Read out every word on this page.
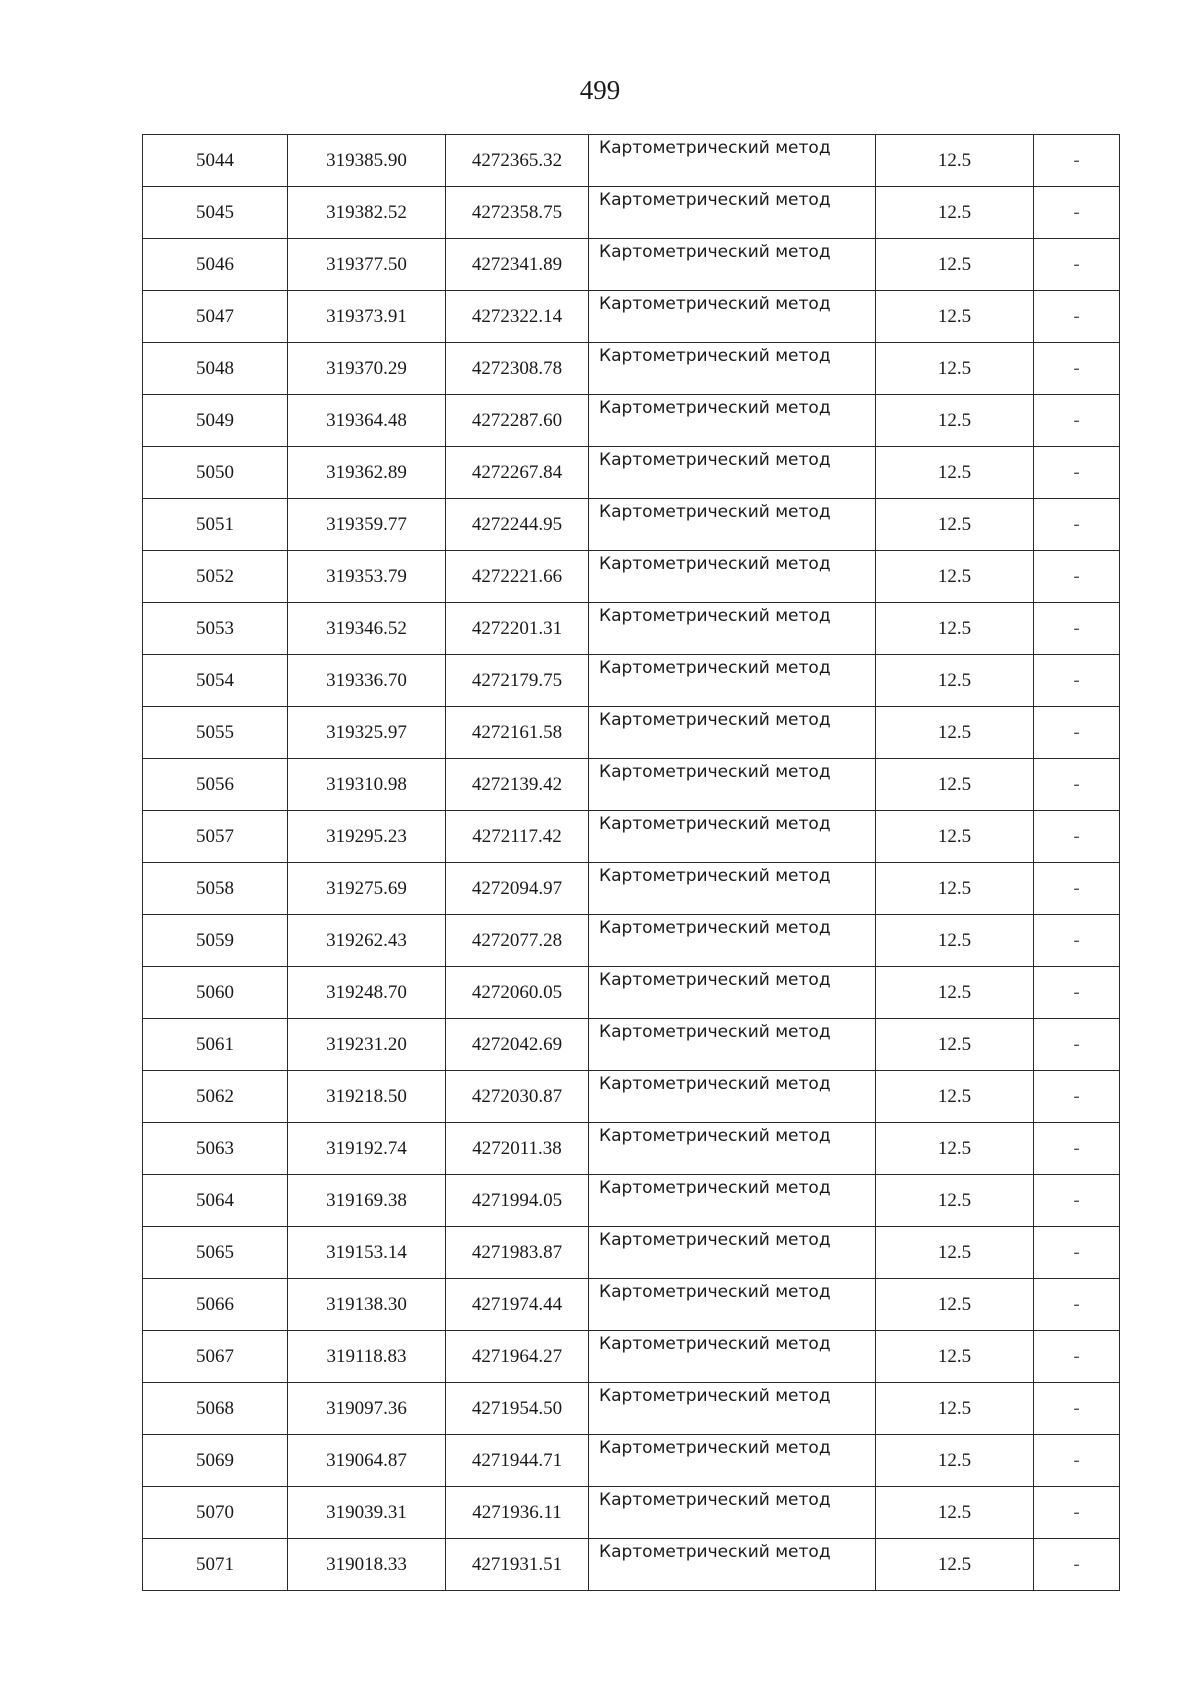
499
5044	319385.90	4272365.32	Картометрический метод	12.5	-
5045	319382.52	4272358.75	Картометрический метод	12.5	-
5046	319377.50	4272341.89	Картометрический метод	12.5	-
5047	319373.91	4272322.14	Картометрический метод	12.5	-
5048	319370.29	4272308.78	Картометрический метод	12.5	-
5049	319364.48	4272287.60	Картометрический метод	12.5	-
5050	319362.89	4272267.84	Картометрический метод	12.5	-
5051	319359.77	4272244.95	Картометрический метод	12.5	-
5052	319353.79	4272221.66	Картометрический метод	12.5	-
5053	319346.52	4272201.31	Картометрический метод	12.5	-
5054	319336.70	4272179.75	Картометрический метод	12.5	-
5055	319325.97	4272161.58	Картометрический метод	12.5	-
5056	319310.98	4272139.42	Картометрический метод	12.5	-
5057	319295.23	4272117.42	Картометрический метод	12.5	-
5058	319275.69	4272094.97	Картометрический метод	12.5	-
5059	319262.43	4272077.28	Картометрический метод	12.5	-
5060	319248.70	4272060.05	Картометрический метод	12.5	-
5061	319231.20	4272042.69	Картометрический метод	12.5	-
5062	319218.50	4272030.87	Картометрический метод	12.5	-
5063	319192.74	4272011.38	Картометрический метод	12.5	-
5064	319169.38	4271994.05	Картометрический метод	12.5	-
5065	319153.14	4271983.87	Картометрический метод	12.5	-
5066	319138.30	4271974.44	Картометрический метод	12.5	-
5067	319118.83	4271964.27	Картометрический метод	12.5	-
5068	319097.36	4271954.50	Картометрический метод	12.5	-
5069	319064.87	4271944.71	Картометрический метод	12.5	-
5070	319039.31	4271936.11	Картометрический метод	12.5	-
5071	319018.33	4271931.51	Картометрический метод	12.5	-
